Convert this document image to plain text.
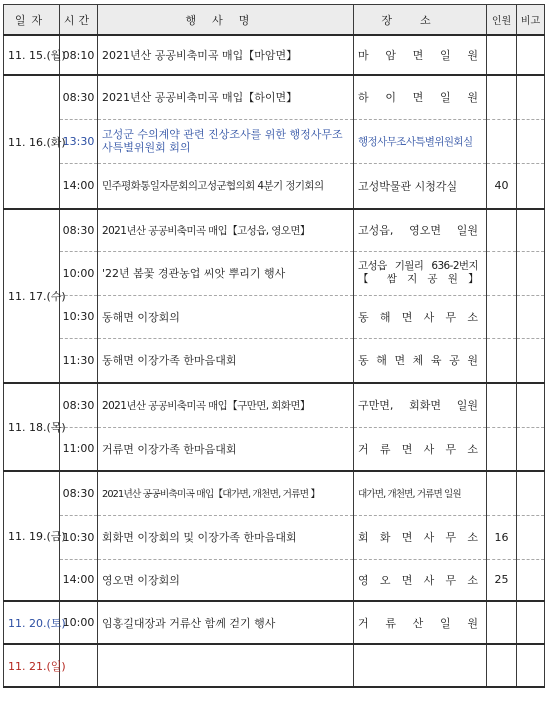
일자	시간	행사명	장소	인원	비고
11. 15.(월)	08:10	2021년산 공공비축미곡 매입【마암면】	마 암 면 일 원		
11. 16.(화)	08:30	2021년산 공공비축미곡 매입【하이면】	하 이 면 일 원		
	13:30	고성군 수의계약 관련 진상조사를 위한 행정사무조사특별위원회 회의	행정사무조사특별위원회실		
	14:00	민주평화통일자문회의고성군협의회 4분기 정기회의	고성박물관 시청각실	40	
11. 17.(수)	08:30	2021년산 공공비축미곡 매입【고성읍, 영오면】	고성읍, 영오면 일원		
	10:00	'22년 봄꽃 경관농업 씨앗 뿌리기 행사	고성읍 기월리 636-2번지
【 쌈 지 공 원 】		

	10:30	동해면 이장회의	동 해 면 사 무 소		
	11:30	동해면 이장가족 한마음대회	동 해 면 체 육 공 원		
11. 18.(목)	08:30	2021년산 공공비축미곡 매입【구만면, 회화면】	구만면, 회화면 일원		
	11:00	거류면 이장가족 한마음대회	거 류 면 사 무 소		
11. 19.(금)	08:30	2021년산 공공비축미곡 매입【대가면, 개천면, 거류면 】	대가면, 개천면, 거류면 일원		
	10:30	회화면 이장회의 및 이장가족 한마음대회	회 화 면 사 무 소	16	
	14:00	영오면 이장회의	영 오 면 사 무 소	25	
11. 20.(토)	10:00	임홍길대장과 거류산 함께 걷기 행사	거 류 산 일 원		
11. 21.(일)					
